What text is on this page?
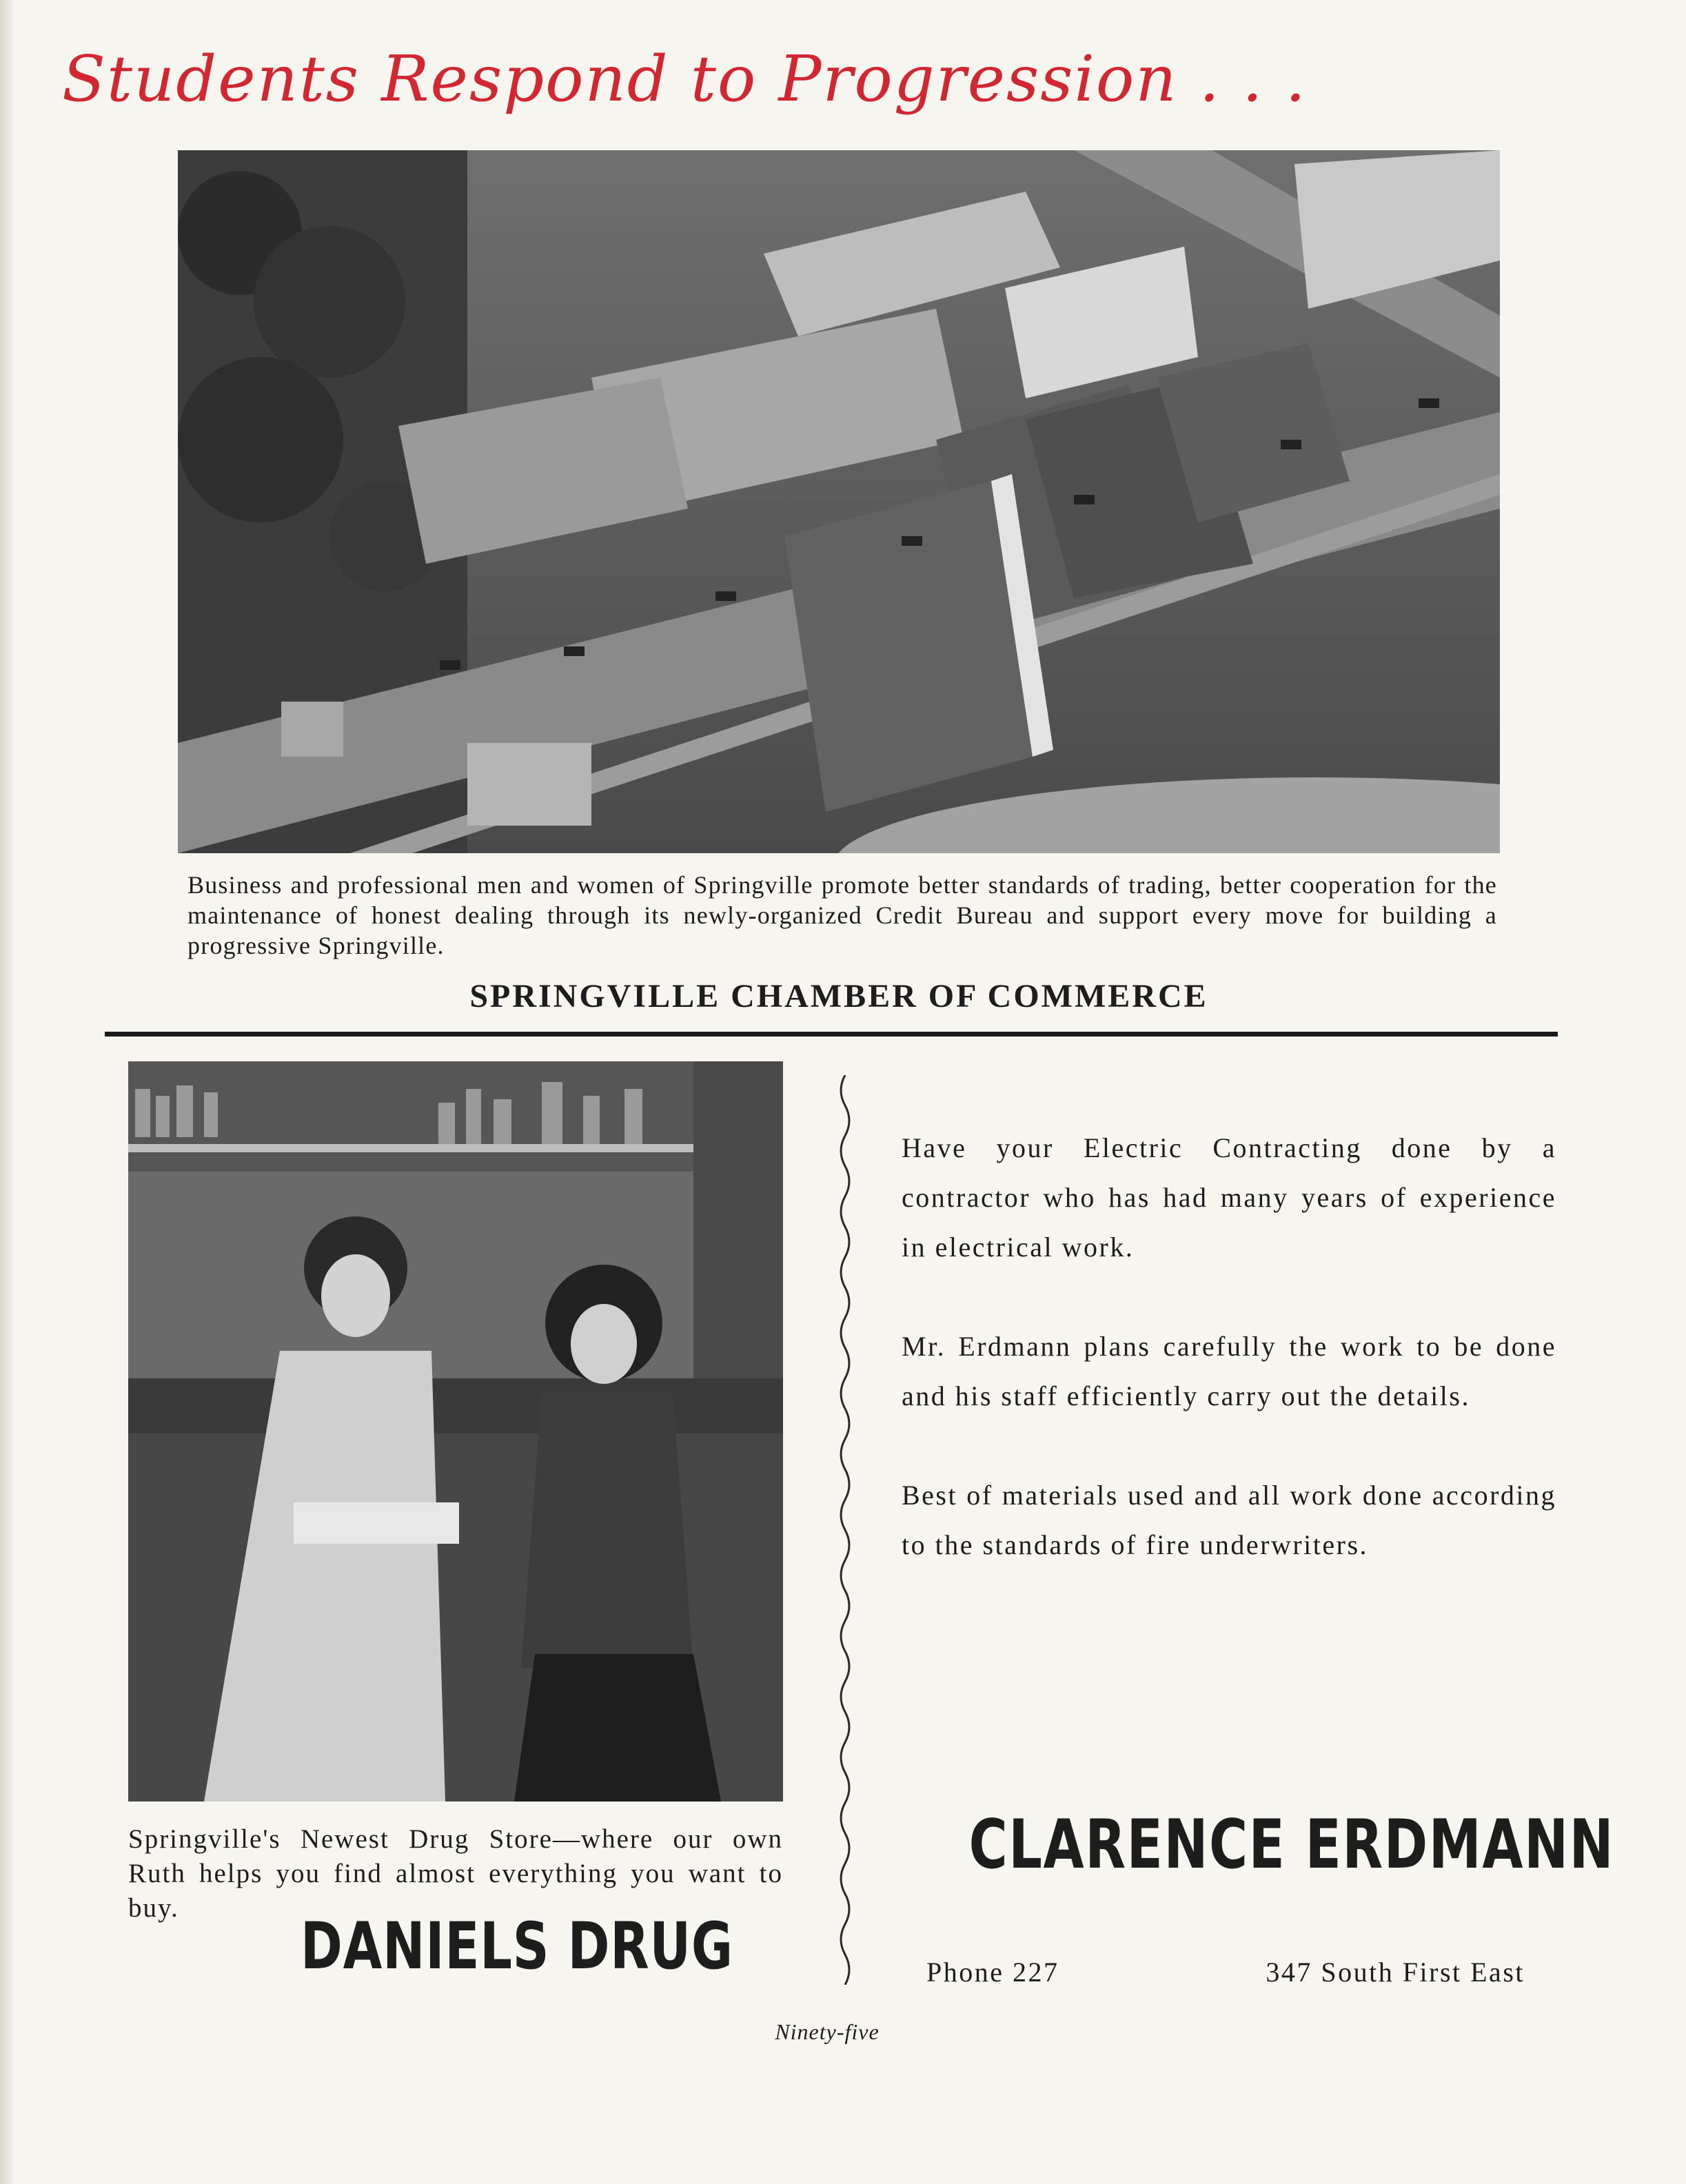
Students Respond to Progression . . .
Business and professional men and women of Springville promote better standards of trading, better cooperation for the maintenance of honest dealing through its newly-organized Credit Bureau and support every move for building a progressive Springville.
SPRINGVILLE CHAMBER OF COMMERCE
Springville's Newest Drug Store—where our own Ruth helps you find almost everything you want to buy.
DANIELS DRUG

Have your Electric Contracting done by a contractor who has had many years of experience in electrical work.

Mr. Erdmann plans carefully the work to be done and his staff efficiently carry out the details.

Best of materials used and all work done according to the standards of fire underwriters.

CLARENCE ERDMANN
Phone 227	347 South First East
Ninety-five
